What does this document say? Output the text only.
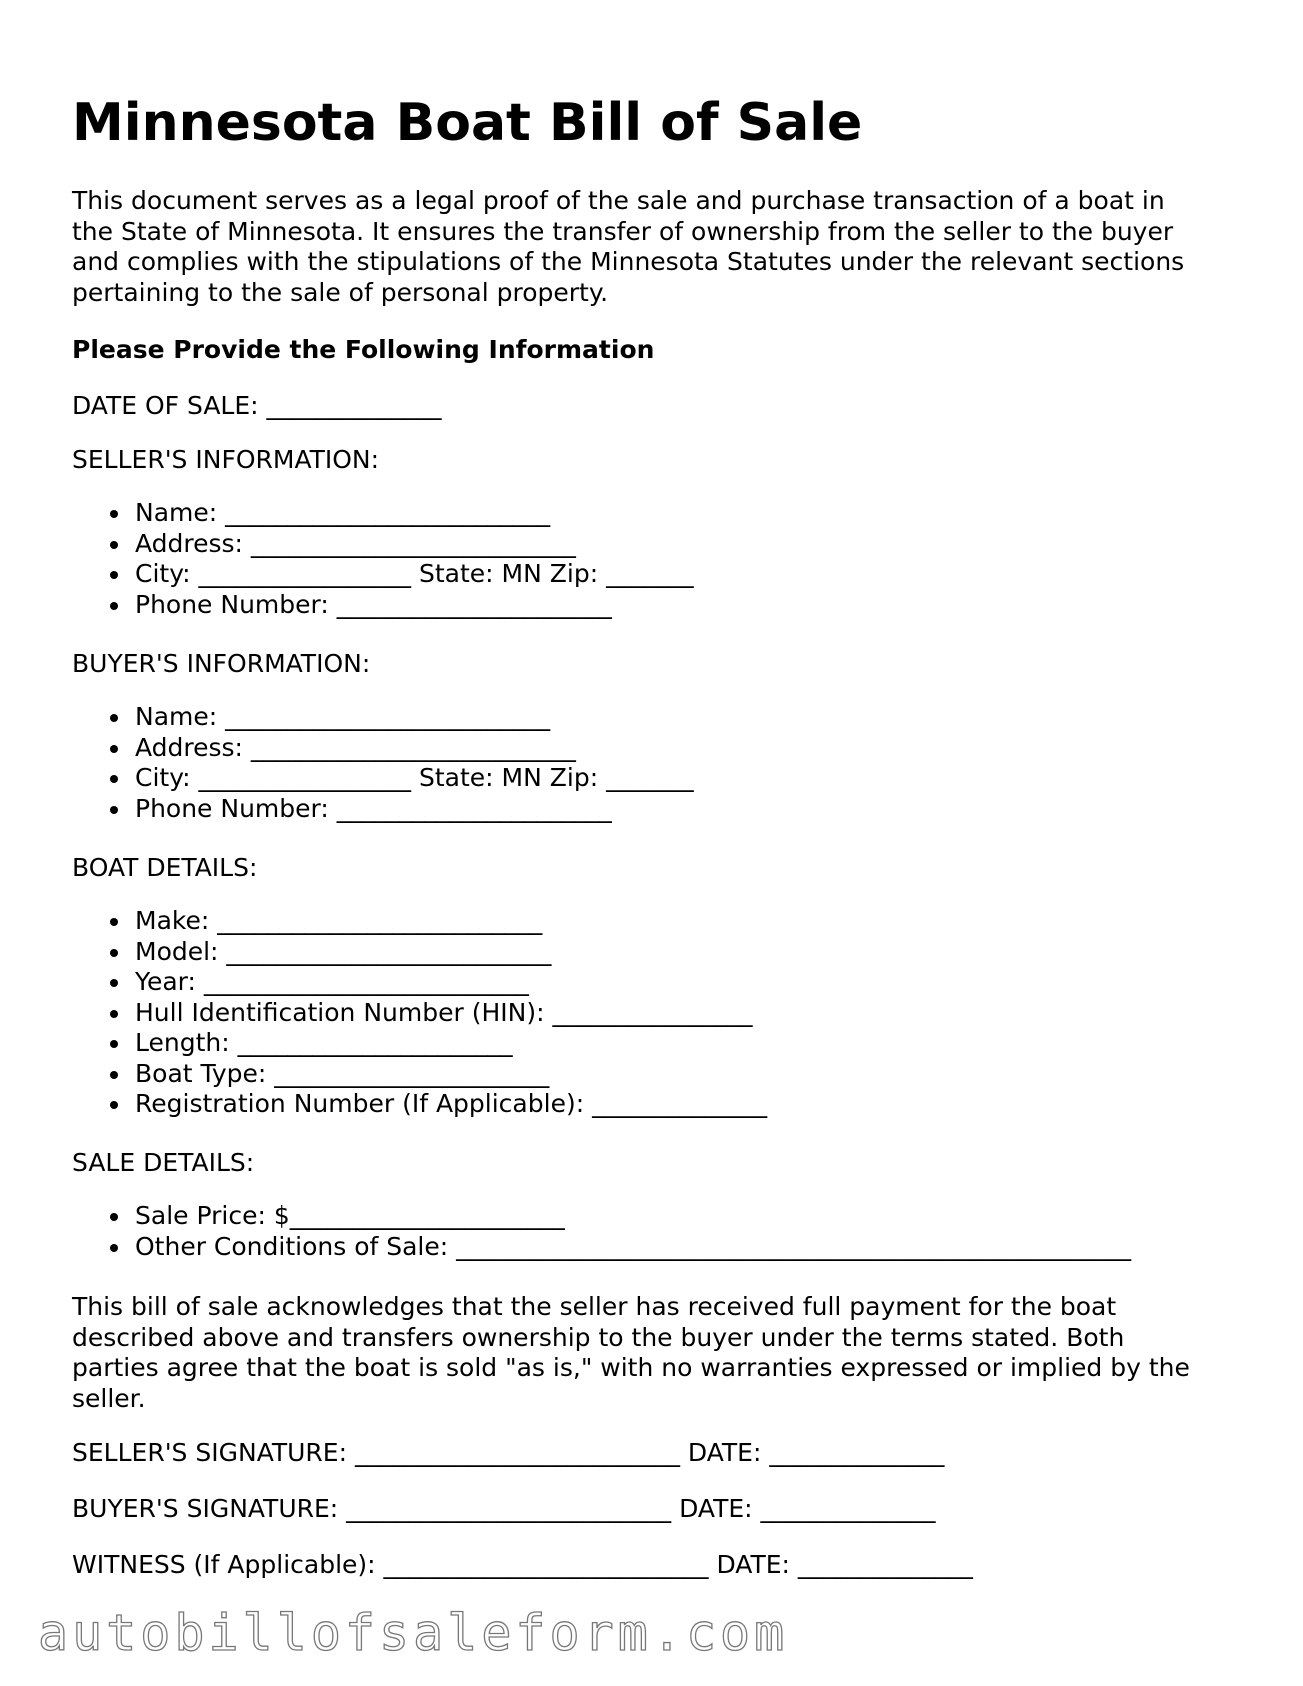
Minnesota Boat Bill of Sale

This document serves as a legal proof of the sale and purchase transaction of a boat in the State of Minnesota. It ensures the transfer of ownership from the seller to the buyer and complies with the stipulations of the Minnesota Statutes under the relevant sections pertaining to the sale of personal property.

Please Provide the Following Information

DATE OF SALE: ______________

SELLER'S INFORMATION:

Name: __________________________
Address: __________________________
City: _________________ State: MN Zip: _______
Phone Number: ______________________

BUYER'S INFORMATION:

Name: __________________________
Address: __________________________
City: _________________ State: MN Zip: _______
Phone Number: ______________________

BOAT DETAILS:

Make: __________________________
Model: __________________________
Year: __________________________
Hull Identification Number (HIN): ________________
Length: ______________________
Boat Type: ______________________
Registration Number (If Applicable): ______________

SALE DETAILS:

Sale Price: $______________________
Other Conditions of Sale: ______________________________________________________

This bill of sale acknowledges that the seller has received full payment for the boat described above and transfers ownership to the buyer under the terms stated. Both parties agree that the boat is sold "as is," with no warranties expressed or implied by the seller.

SELLER'S SIGNATURE: __________________________ DATE: ______________

BUYER'S SIGNATURE: __________________________ DATE: ______________

WITNESS (If Applicable): __________________________ DATE: ______________

autobillofsaleform.com
